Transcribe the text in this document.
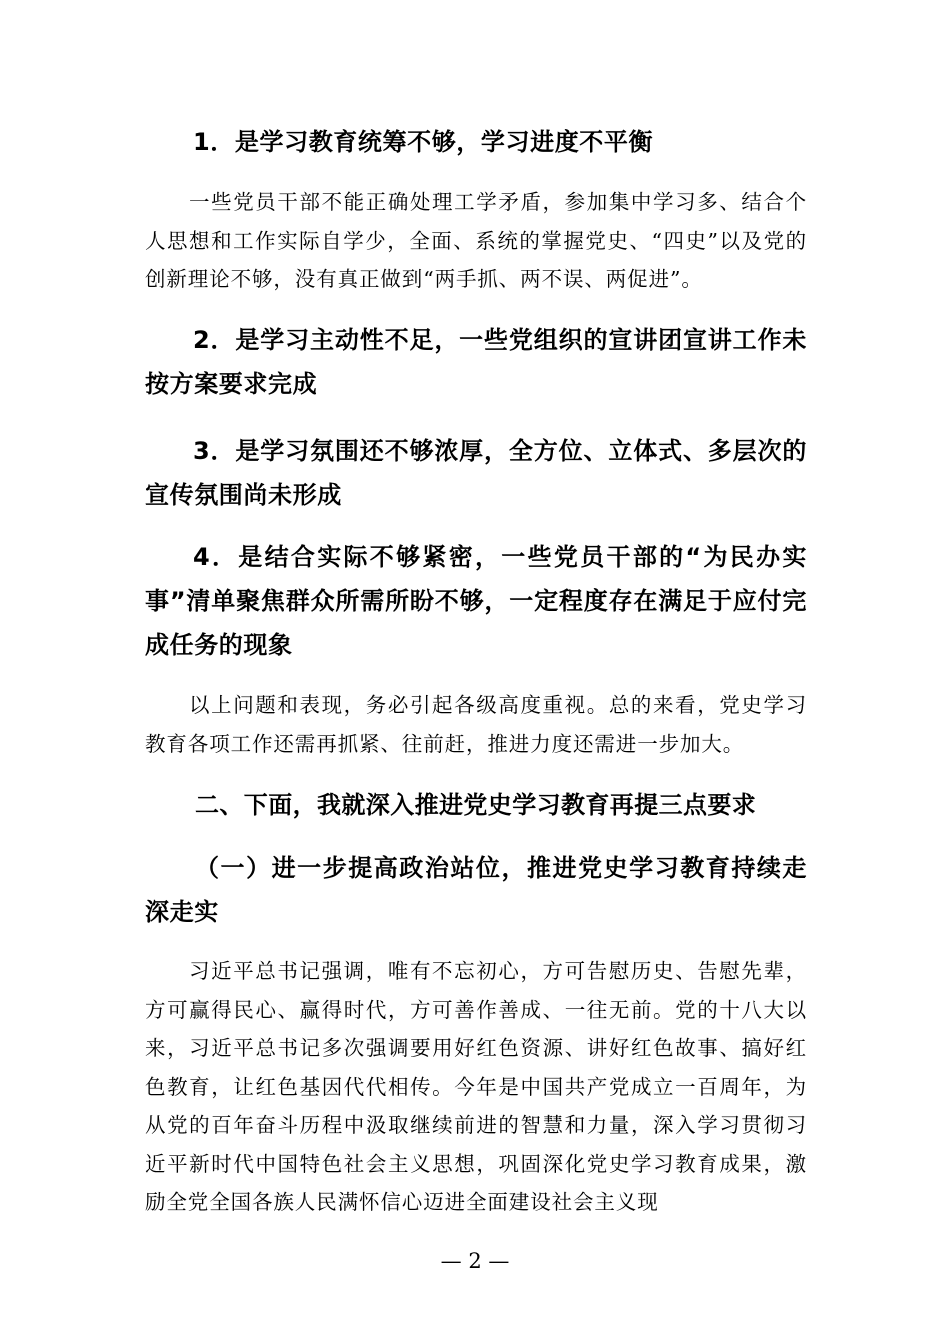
1．是学习教育统筹不够，学习进度不平衡

一些党员干部不能正确处理工学矛盾，参加集中学习多、结合个人思想和工作实际自学少，全面、系统的掌握党史、“四史”以及党的创新理论不够，没有真正做到“两手抓、两不误、两促进”。

2．是学习主动性不足，一些党组织的宣讲团宣讲工作未按方案要求完成

3．是学习氛围还不够浓厚，全方位、立体式、多层次的宣传氛围尚未形成

4．是结合实际不够紧密，一些党员干部的“为民办实事”清单聚焦群众所需所盼不够，一定程度存在满足于应付完成任务的现象

以上问题和表现，务必引起各级高度重视。总的来看，党史学习教育各项工作还需再抓紧、往前赶，推进力度还需进一步加大。

二、下面，我就深入推进党史学习教育再提三点要求

（一）进一步提高政治站位，推进党史学习教育持续走深走实

习近平总书记强调，唯有不忘初心，方可告慰历史、告慰先辈，方可赢得民心、赢得时代，方可善作善成、一往无前。党的十八大以来，习近平总书记多次强调要用好红色资源、讲好红色故事、搞好红色教育，让红色基因代代相传。今年是中国共产党成立一百周年，为从党的百年奋斗历程中汲取继续前进的智慧和力量，深入学习贯彻习近平新时代中国特色社会主义思想，巩固深化党史学习教育成果，激励全党全国各族人民满怀信心迈进全面建设社会主义现

— 2 —
